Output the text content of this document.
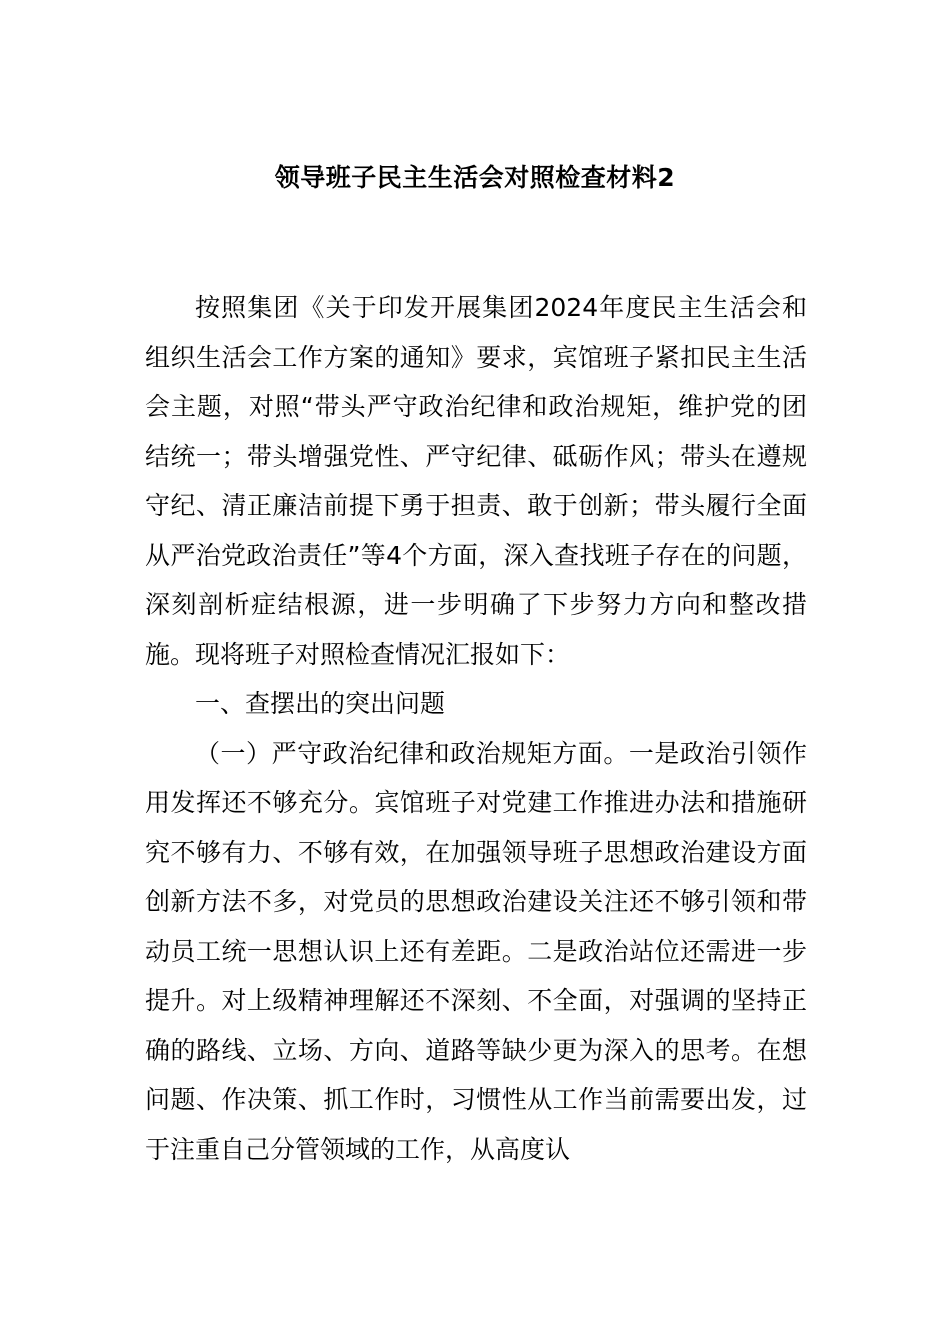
领导班子民主生活会对照检查材料2

按照集团《关于印发开展集团2024年度民主生活会和组织生活会工作方案的通知》要求，宾馆班子紧扣民主生活会主题，对照“带头严守政治纪律和政治规矩，维护党的团结统一；带头增强党性、严守纪律、砥砺作风；带头在遵规守纪、清正廉洁前提下勇于担责、敢于创新；带头履行全面从严治党政治责任”等4个方面，深入查找班子存在的问题，深刻剖析症结根源，进一步明确了下步努力方向和整改措施。现将班子对照检查情况汇报如下：

一、查摆出的突出问题

（一）严守政治纪律和政治规矩方面。一是政治引领作用发挥还不够充分。宾馆班子对党建工作推进办法和措施研究不够有力、不够有效，在加强领导班子思想政治建设方面创新方法不多，对党员的思想政治建设关注还不够引领和带动员工统一思想认识上还有差距。二是政治站位还需进一步提升。对上级精神理解还不深刻、不全面，对强调的坚持正确的路线、立场、方向、道路等缺少更为深入的思考。在想问题、作决策、抓工作时，习惯性从工作当前需要出发，过于注重自己分管领域的工作，从高度认
